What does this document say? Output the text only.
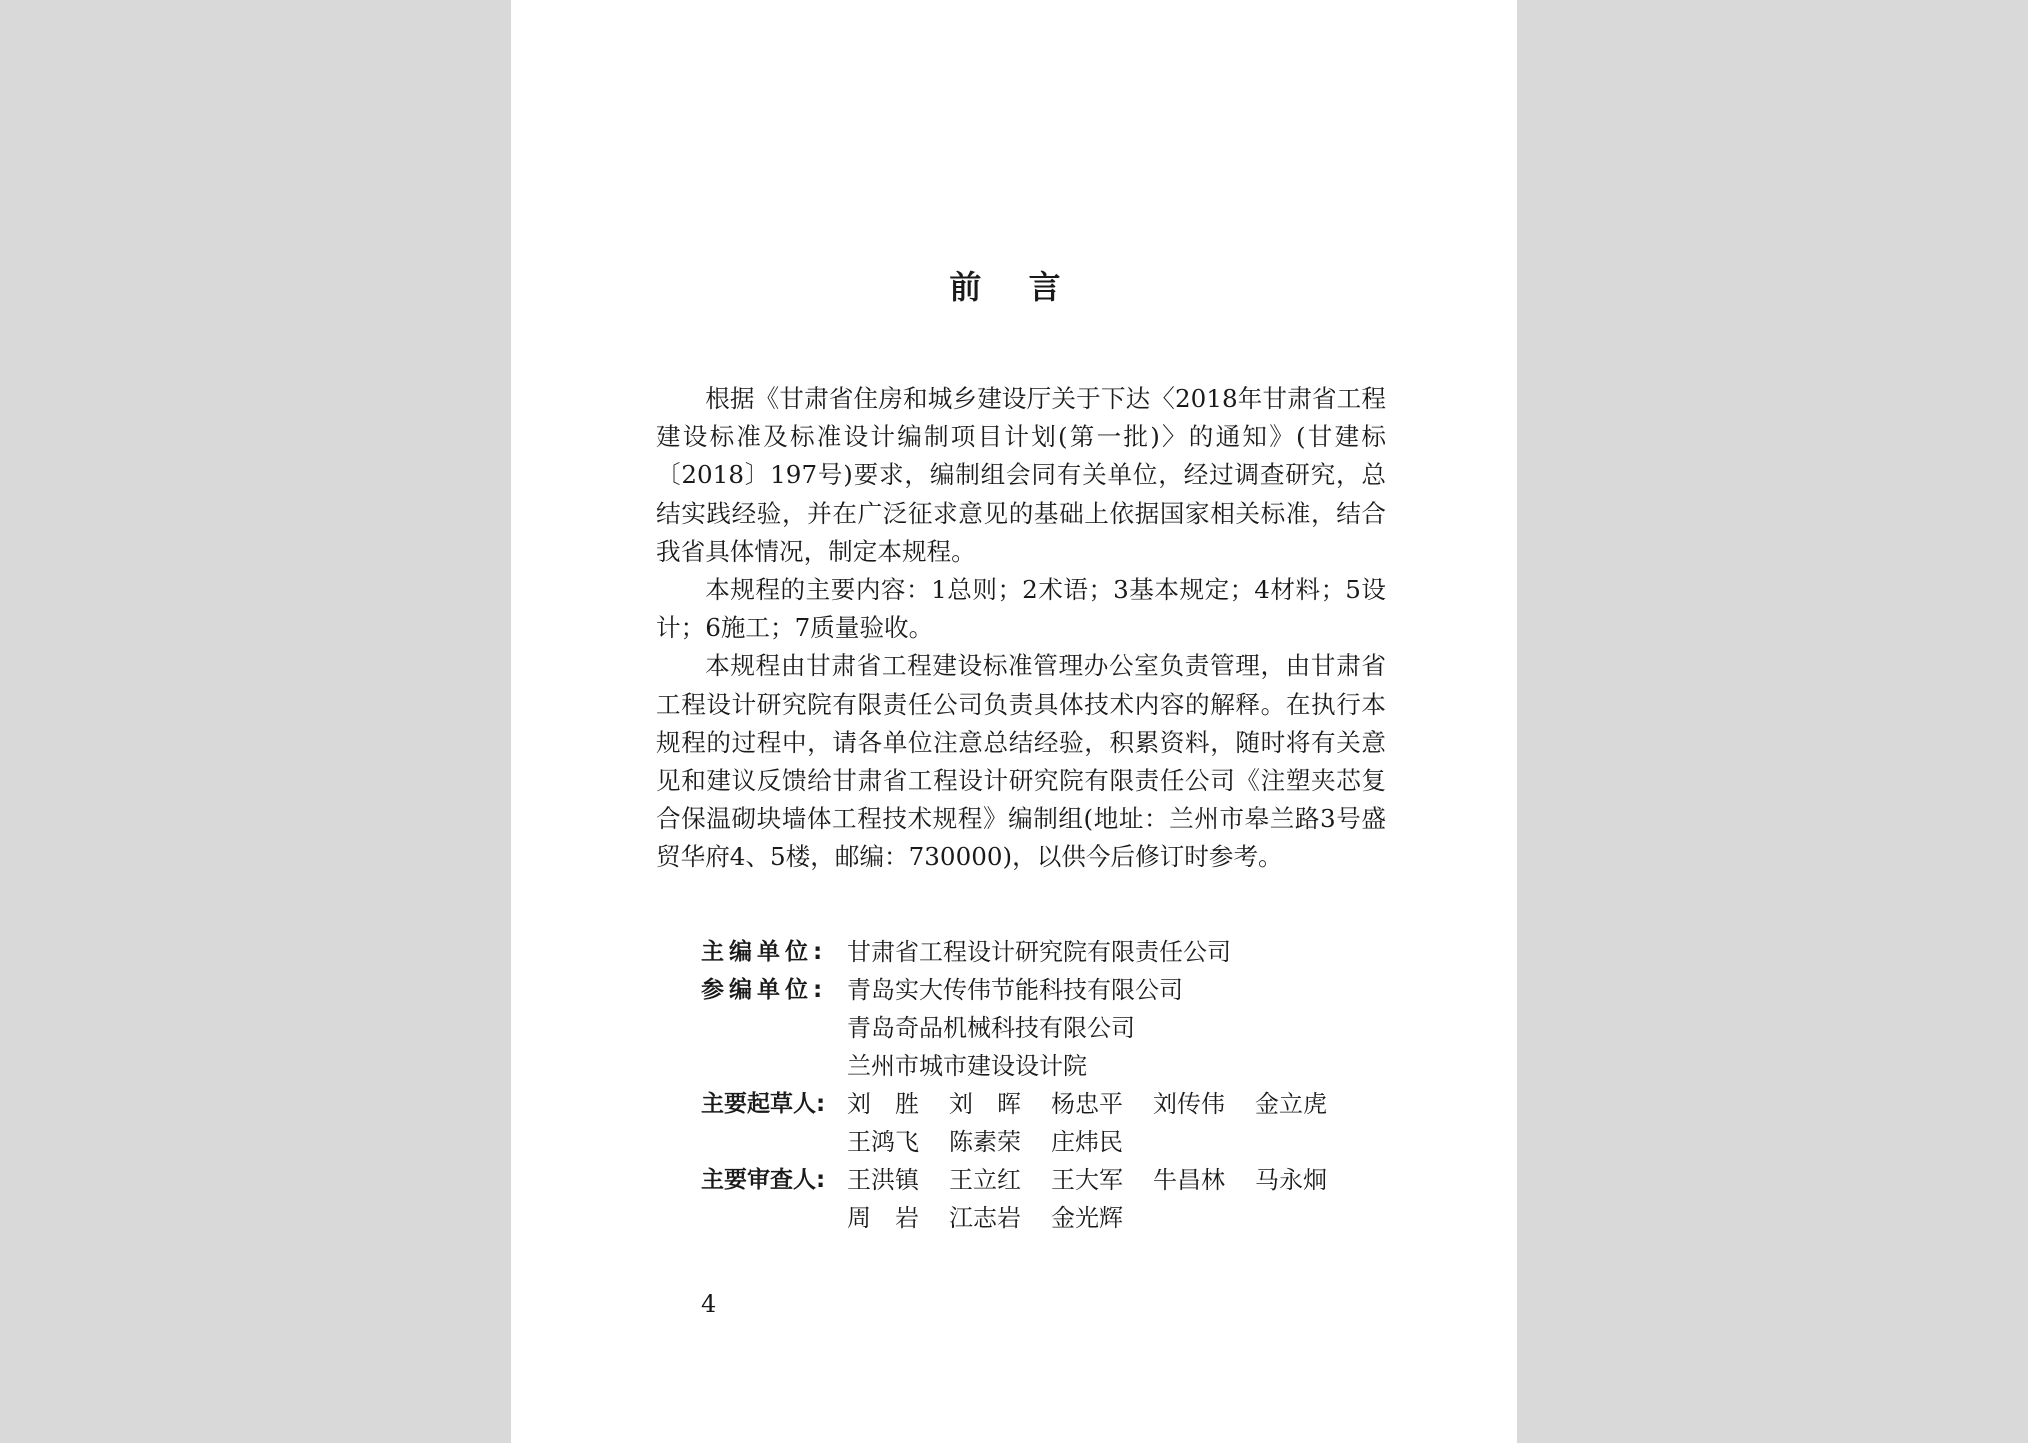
前 言

根据《甘肃省住房和城乡建设厅关于下达〈2018年甘肃省工程建设标准及标准设计编制项目计划(第一批)〉的通知》(甘建标〔2018〕197号)要求，编制组会同有关单位，经过调查研究，总结实践经验，并在广泛征求意见的基础上依据国家相关标准，结合我省具体情况，制定本规程。

本规程的主要内容：1总则；2术语；3基本规定；4材料；5设计；6施工；7质量验收。

本规程由甘肃省工程建设标准管理办公室负责管理，由甘肃省工程设计研究院有限责任公司负责具体技术内容的解释。在执行本规程的过程中，请各单位注意总结经验，积累资料，随时将有关意见和建议反馈给甘肃省工程设计研究院有限责任公司《注塑夹芯复合保温砌块墙体工程技术规程》编制组(地址：兰州市皋兰路3号盛贸华府4、5楼，邮编：730000)，以供今后修订时参考。

主编单位: 甘肃省工程设计研究院有限责任公司
参编单位: 青岛实大传伟节能科技有限公司
青岛奇品机械科技有限公司
兰州市城市建设设计院
主要起草人: 刘胜 刘晖 杨忠平	刘传伟	金立虎
王鸿飞	陈素荣	庄炜民
主要审查人: 王洪镇	王立红	王大军	牛昌林	马永炯
周岩 江志岩	金光辉
4
